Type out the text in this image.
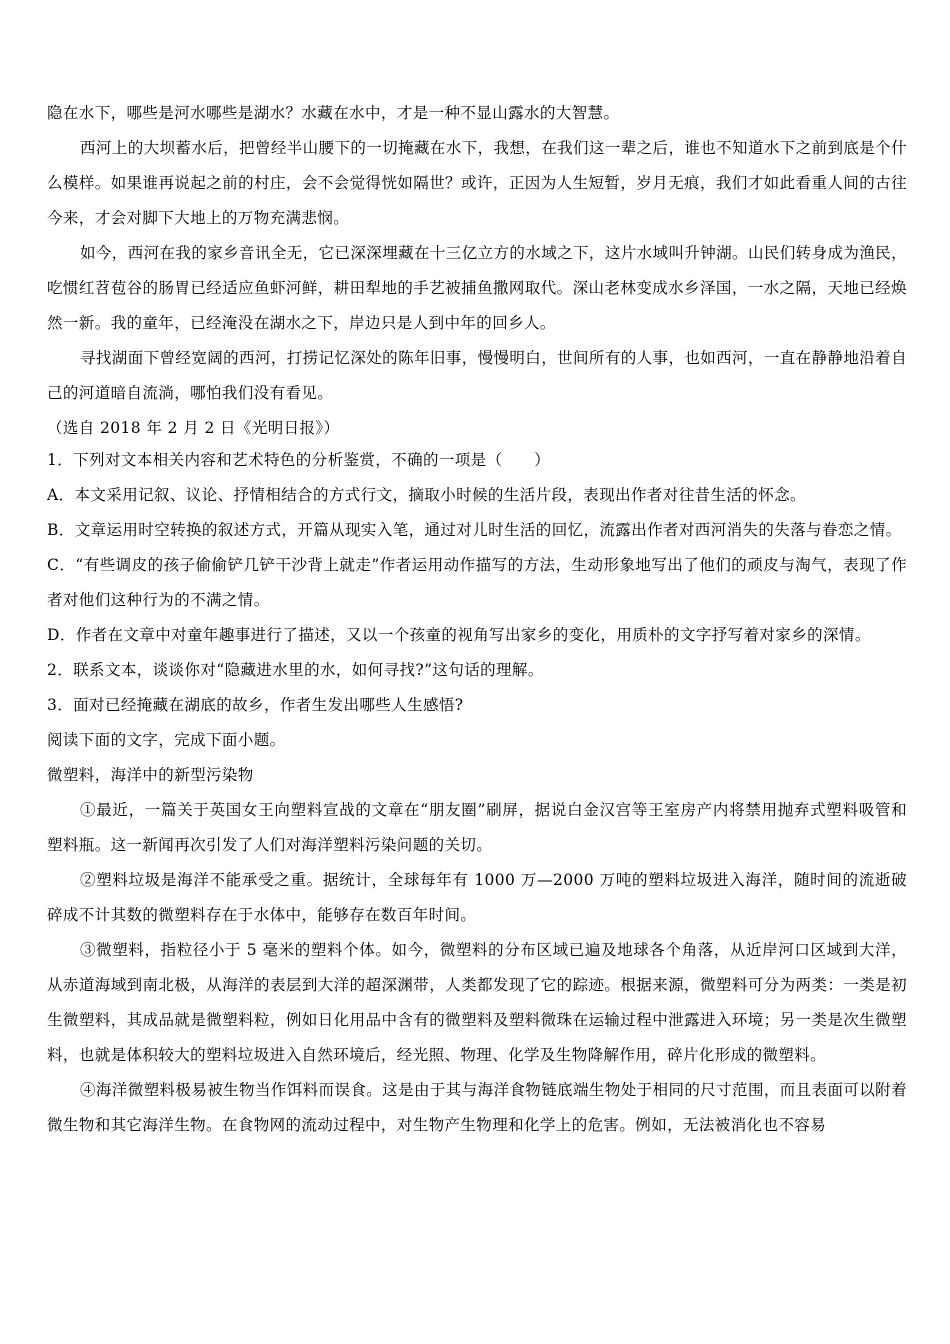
隐在水下，哪些是河水哪些是湖水？水藏在水中，才是一种不显山露水的大智慧。

西河上的大坝蓄水后，把曾经半山腰下的一切掩藏在水下，我想，在我们这一辈之后，谁也不知道水下之前到底是个什么模样。如果谁再说起之前的村庄，会不会觉得恍如隔世？或许，正因为人生短暂，岁月无痕，我们才如此看重人间的古往今来，才会对脚下大地上的万物充满悲悯。

如今，西河在我的家乡音讯全无，它已深深埋藏在十三亿立方的水域之下，这片水域叫升钟湖。山民们转身成为渔民，吃惯红苕苞谷的肠胃已经适应鱼虾河鲜，耕田犁地的手艺被捕鱼撒网取代。深山老林变成水乡泽国，一水之隔，天地已经焕然一新。我的童年，已经淹没在湖水之下，岸边只是人到中年的回乡人。

寻找湖面下曾经宽阔的西河，打捞记忆深处的陈年旧事，慢慢明白，世间所有的人事，也如西河，一直在静静地沿着自己的河道暗自流淌，哪怕我们没有看见。

（选自 2018 年 2 月 2 日《光明日报》）

1．下列对文本相关内容和艺术特色的分析鉴赏，不确的一项是（　　）

A．本文采用记叙、议论、抒情相结合的方式行文，摘取小时候的生活片段，表现出作者对往昔生活的怀念。

B．文章运用时空转换的叙述方式，开篇从现实入笔，通过对儿时生活的回忆，流露出作者对西河消失的失落与眷恋之情。

C．“有些调皮的孩子偷偷铲几铲干沙背上就走”作者运用动作描写的方法，生动形象地写出了他们的顽皮与淘气，表现了作者对他们这种行为的不满之情。

D．作者在文章中对童年趣事进行了描述，又以一个孩童的视角写出家乡的变化，用质朴的文字抒写着对家乡的深情。

2．联系文本，谈谈你对“隐藏进水里的水，如何寻找?”这句话的理解。

3．面对已经掩藏在湖底的故乡，作者生发出哪些人生感悟?

阅读下面的文字，完成下面小题。

微塑料，海洋中的新型污染物

①最近，一篇关于英国女王向塑料宣战的文章在“朋友圈”刷屏，据说白金汉宫等王室房产内将禁用抛弃式塑料吸管和塑料瓶。这一新闻再次引发了人们对海洋塑料污染问题的关切。

②塑料垃圾是海洋不能承受之重。据统计，全球每年有 1000 万—2000 万吨的塑料垃圾进入海洋，随时间的流逝破碎成不计其数的微塑料存在于水体中，能够存在数百年时间。

③微塑料，指粒径小于 5 毫米的塑料个体。如今，微塑料的分布区域已遍及地球各个角落，从近岸河口区域到大洋，从赤道海域到南北极，从海洋的表层到大洋的超深渊带，人类都发现了它的踪迹。根据来源，微塑料可分为两类：一类是初生微塑料，其成品就是微塑料粒，例如日化用品中含有的微塑料及塑料微珠在运输过程中泄露进入环境；另一类是次生微塑料，也就是体积较大的塑料垃圾进入自然环境后，经光照、物理、化学及生物降解作用，碎片化形成的微塑料。

④海洋微塑料极易被生物当作饵料而误食。这是由于其与海洋食物链底端生物处于相同的尺寸范围，而且表面可以附着微生物和其它海洋生物。在食物网的流动过程中，对生物产生物理和化学上的危害。例如，无法被消化也不容易
